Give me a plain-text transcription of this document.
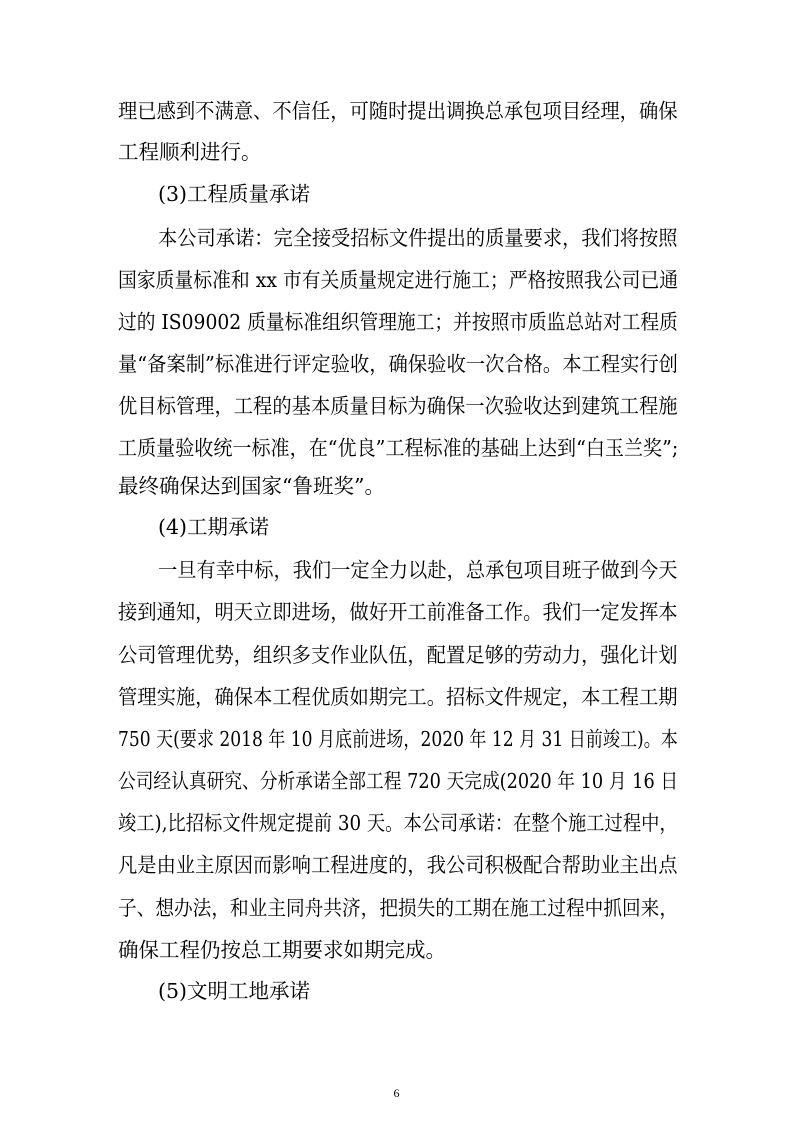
理已感到不满意、不信任，可随时提出调换总承包项目经理，确保
工程顺利进行。
(3)工程质量承诺
本公司承诺：完全接受招标文件提出的质量要求，我们将按照
国家质量标准和 xx 市有关质量规定进行施工；严格按照我公司已通
过的 IS09002 质量标准组织管理施工；并按照市质监总站对工程质
量“备案制”标准进行评定验收，确保验收一次合格。本工程实行创
优目标管理，工程的基本质量目标为确保一次验收达到建筑工程施
工质量验收统一标准，在“优良”工程标准的基础上达到“白玉兰奖”;
最终确保达到国家“鲁班奖”。
(4)工期承诺
一旦有幸中标，我们一定全力以赴，总承包项目班子做到今天
接到通知，明天立即进场，做好开工前准备工作。我们一定发挥本
公司管理优势，组织多支作业队伍，配置足够的劳动力，强化计划
管理实施，确保本工程优质如期完工。招标文件规定，本工程工期
750 天(要求 2018 年 10 月底前进场，2020 年 12 月 31 日前竣工)。本
公司经认真研究、分析承诺全部工程 720 天完成(2020 年 10 月 16 日
竣工),比招标文件规定提前 30 天。本公司承诺：在整个施工过程中，
凡是由业主原因而影响工程进度的，我公司积极配合帮助业主出点
子、想办法，和业主同舟共济，把损失的工期在施工过程中抓回来，
确保工程仍按总工期要求如期完成。
(5)文明工地承诺
6
